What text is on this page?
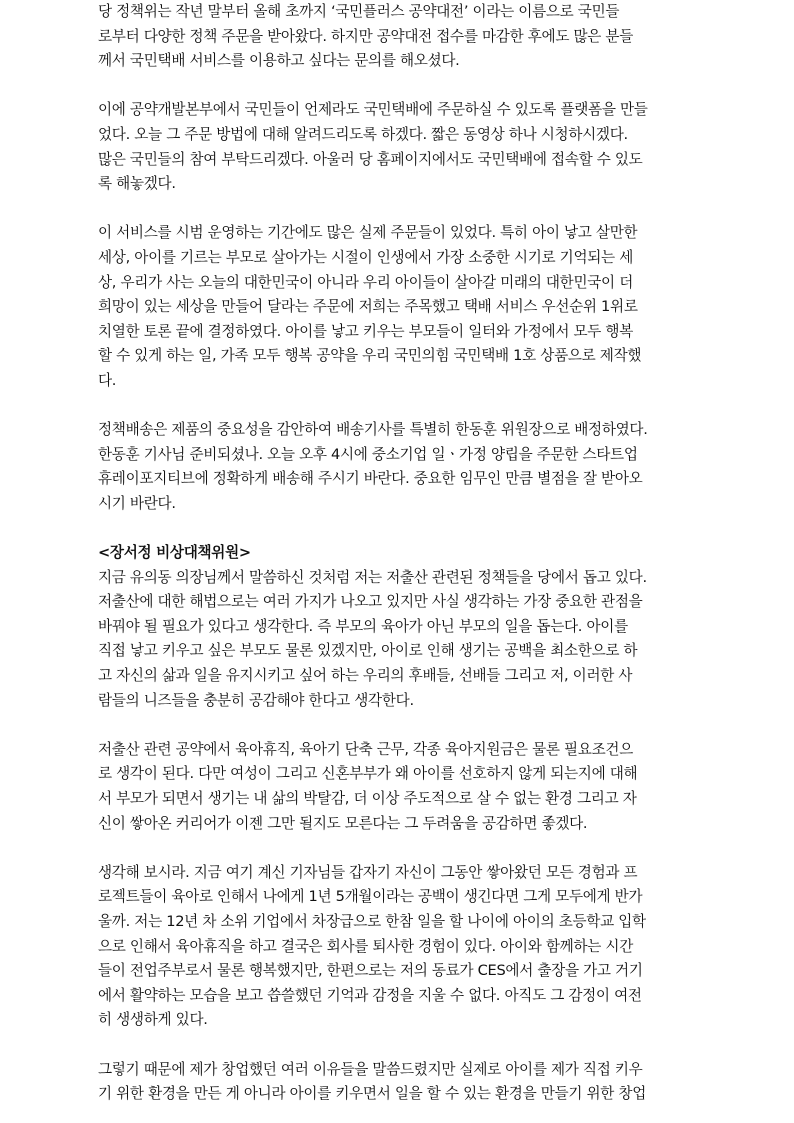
당 정책위는 작년 말부터 올해 초까지 ‘국민플러스 공약대전’ 이라는 이름으로 국민들
로부터 다양한 정책 주문을 받아왔다. 하지만 공약대전 접수를 마감한 후에도 많은 분들
께서 국민택배 서비스를 이용하고 싶다는 문의를 해오셨다.

이에 공약개발본부에서 국민들이 언제라도 국민택배에 주문하실 수 있도록 플랫폼을 만들
었다. 오늘 그 주문 방법에 대해 알려드리도록 하겠다. 짧은 동영상 하나 시청하시겠다.
많은 국민들의 참여 부탁드리겠다. 아울러 당 홈페이지에서도 국민택배에 접속할 수 있도
록 해놓겠다.

이 서비스를 시범 운영하는 기간에도 많은 실제 주문들이 있었다. 특히 아이 낳고 살만한
세상, 아이를 기르는 부모로 살아가는 시절이 인생에서 가장 소중한 시기로 기억되는 세
상, 우리가 사는 오늘의 대한민국이 아니라 우리 아이들이 살아갈 미래의 대한민국이 더
희망이 있는 세상을 만들어 달라는 주문에 저희는 주목했고 택배 서비스 우선순위 1위로
치열한 토론 끝에 결정하였다. 아이를 낳고 키우는 부모들이 일터와 가정에서 모두 행복
할 수 있게 하는 일, 가족 모두 행복 공약을 우리 국민의힘 국민택배 1호 상품으로 제작했
다.

정책배송은 제품의 중요성을 감안하여 배송기사를 특별히 한동훈 위원장으로 배정하였다.
한동훈 기사님 준비되셨나. 오늘 오후 4시에 중소기업 일ㆍ가정 양립을 주문한 스타트업
휴레이포지티브에 정확하게 배송해 주시기 바란다. 중요한 임무인 만큼 별점을 잘 받아오
시기 바란다.

<장서정 비상대책위원>

지금 유의동 의장님께서 말씀하신 것처럼 저는 저출산 관련된 정책들을 당에서 돕고 있다.
저출산에 대한 해법으로는 여러 가지가 나오고 있지만 사실 생각하는 가장 중요한 관점을
바꿔야 될 필요가 있다고 생각한다. 즉 부모의 육아가 아닌 부모의 일을 돕는다. 아이를
직접 낳고 키우고 싶은 부모도 물론 있겠지만, 아이로 인해 생기는 공백을 최소한으로 하
고 자신의 삶과 일을 유지시키고 싶어 하는 우리의 후배들, 선배들 그리고 저, 이러한 사
람들의 니즈들을 충분히 공감해야 한다고 생각한다.

저출산 관련 공약에서 육아휴직, 육아기 단축 근무, 각종 육아지원금은 물론 필요조건으
로 생각이 된다. 다만 여성이 그리고 신혼부부가 왜 아이를 선호하지 않게 되는지에 대해
서 부모가 되면서 생기는 내 삶의 박탈감, 더 이상 주도적으로 살 수 없는 환경 그리고 자
신이 쌓아온 커리어가 이젠 그만 될지도 모른다는 그 두려움을 공감하면 좋겠다.

생각해 보시라. 지금 여기 계신 기자님들 갑자기 자신이 그동안 쌓아왔던 모든 경험과 프
로젝트들이 육아로 인해서 나에게 1년 5개월이라는 공백이 생긴다면 그게 모두에게 반가
울까. 저는 12년 차 소위 기업에서 차장급으로 한참 일을 할 나이에 아이의 초등학교 입학
으로 인해서 육아휴직을 하고 결국은 회사를 퇴사한 경험이 있다. 아이와 함께하는 시간
들이 전업주부로서 물론 행복했지만, 한편으로는 저의 동료가 CES에서 출장을 가고 거기
에서 활약하는 모습을 보고 씁쓸했던 기억과 감정을 지울 수 없다. 아직도 그 감정이 여전
히 생생하게 있다.

그렇기 때문에 제가 창업했던 여러 이유들을 말씀드렸지만 실제로 아이를 제가 직접 키우
기 위한 환경을 만든 게 아니라 아이를 키우면서 일을 할 수 있는 환경을 만들기 위한 창업
